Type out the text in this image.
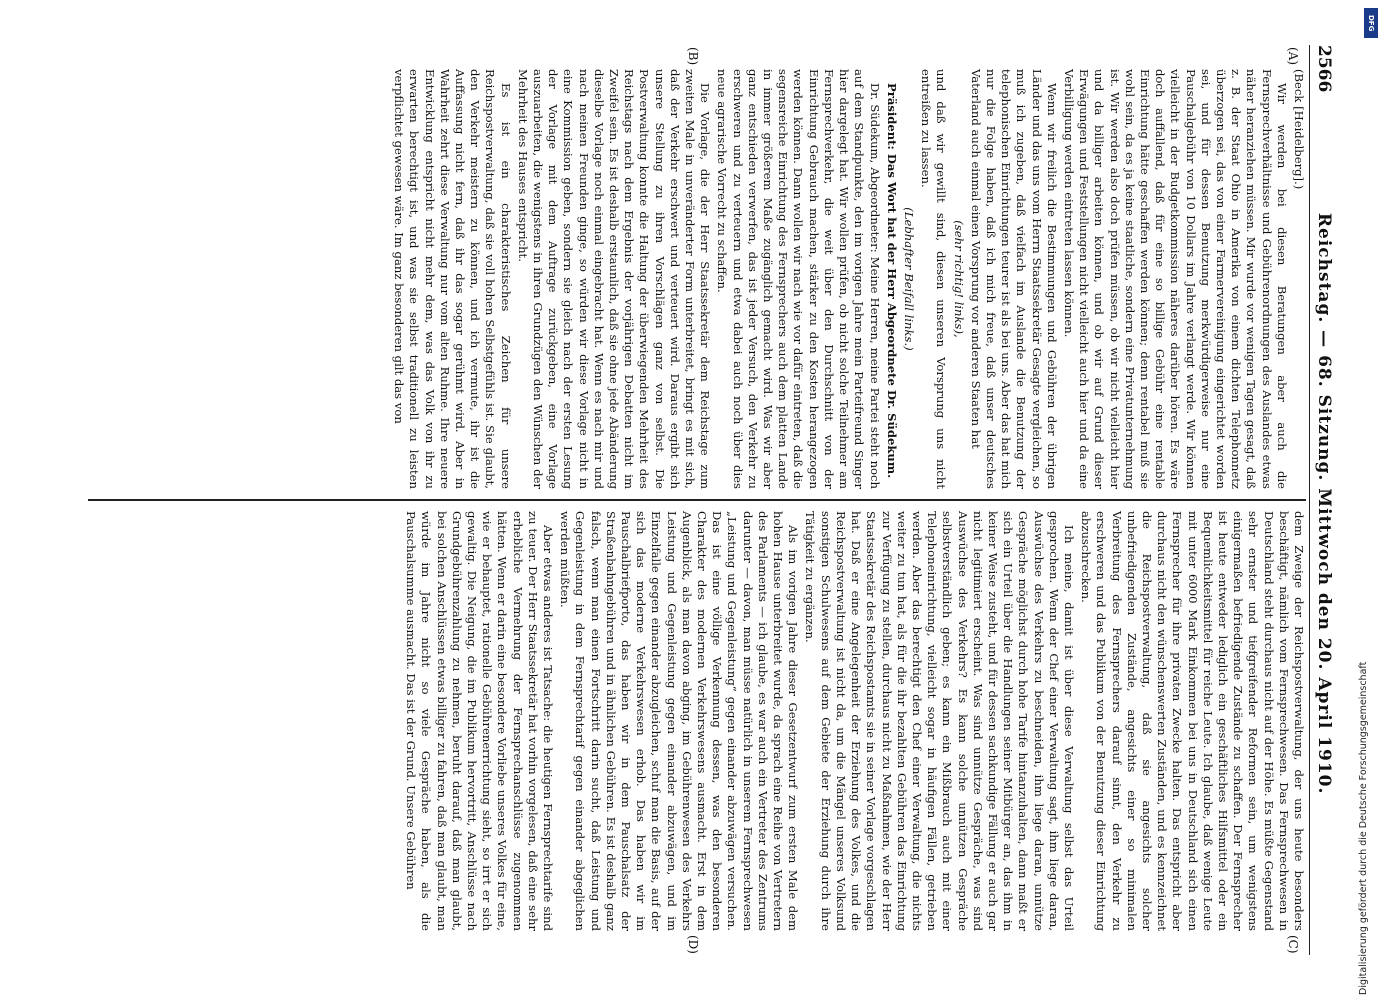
DFG
Digitalisierung gefördert durch die Deutsche Forschungsgemeinschaft
2566
Reichstag. — 68. Sitzung. Mittwoch den 20. April 1910.
(A)
(B)
(C)
(D)

(Beck [Heidelberg].)

Wir werden bei diesen Beratungen aber auch die Fernsprechverhältnisse und Gebührenordnungen des Auslandes etwas näher heranziehen müssen. Mir wurde vor wenigen Tagen gesagt, daß z. B. der Staat Ohio in Amerika von einem dichten Telephonnetz überzogen sei, das von einer Farmervereinigung eingerichtet worden sei, und für dessen Benutzung merkwürdigerweise nur eine Pauschalgebühr von 10 Dollars im Jahre verlangt werde. Wir können vielleicht in der Budgetkommission näheres darüber hören. Es wäre doch auffallend, daß für eine so billige Gebühr eine rentable Einrichtung hätte geschaffen werden können; denn rentabel muß sie wohl sein, da es ja keine staatliche, sondern eine Privatunternehmung ist. Wir werden also doch prüfen müssen, ob wir nicht vielleicht hier und da billiger arbeiten können, und ob wir auf Grund dieser Erwägungen und Feststellungen nicht vielleicht auch hier und da eine Verbilligung werden eintreten lassen können.

Wenn wir freilich die Bestimmungen und Gebühren der übrigen Länder und das uns vom Herrn Staatssekretär Gesagte vergleichen, so muß ich zugeben, daß vielfach im Auslande die Benutzung der telephonischen Einrichtungen teurer ist als bei uns. Aber das hat mich nur die Folge haben, daß ich mich freue, daß unser deutsches Vaterland auch einmal einen Vorsprung vor anderen Staaten hat

(sehr richtig! links),

und daß wir gewillt sind, diesen unseren Vorsprung uns nicht entreißen zu lassen.

(Lebhafter Beifall links.)

Präsident: Das Wort hat der Herr Abgeordnete Dr. Südekum.

Dr. Südekum, Abgeordneter: Meine Herren, meine Partei steht noch auf dem Standpunkte, den im vorigen Jahre mein Parteifreund Singer hier dargelegt hat. Wir wollen prüfen, ob nicht solche Teilnehmer am Fernsprechverkehr, die weit über den Durchschnitt von der Einrichtung Gebrauch machen, stärker zu den Kosten herangezogen werden können. Dann wollen wir nach wie vor dafür eintreten, daß die segensreiche Einrichtung des Fernsprechers auch dem platten Lande in immer größerem Maße zugänglich gemacht wird. Was wir aber ganz entschieden verwerfen, das ist jeder Versuch, den Verkehr zu erschweren und zu verteuern und etwa dabei auch noch über dies neue agrarische Vorrecht zu schaffen.

Die Vorlage, die der Herr Staatssekretär dem Reichstage zum zweiten Male in unveränderter Form unterbreitet, bringt es mit sich, daß der Verkehr erschwert und verteuert wird. Daraus ergibt sich unsere Stellung zu ihren Vorschlägen ganz von selbst. Die Postverwaltung konnte die Haltung der überwiegenden Mehrheit des Reichstags nach dem Ergebnis der vorjährigen Debatten nicht im Zweifel sein. Es ist deshalb erstaunlich, daß sie ohne jede Abänderung dieselbe Vorlage noch einmal eingebracht hat. Wenn es nach mir und nach meinen Freunden ginge, so würden wir diese Vorlage nicht in eine Kommission geben, sondern sie gleich nach der ersten Lesung der Vorlage mit dem Auftrage zurückgeben, eine Vorlage auszuarbeiten, die wenigstens in ihren Grundzügen den Wünschen der Mehrheit des Hauses entspricht.

Es ist ein charakteristisches Zeichen für unsere Reichspostverwaltung, daß sie voll hohen Selbstgefühls ist. Sie glaubt, den Verkehr meistern zu können, und ich vermute, ihr ist die Auffassung nicht fern, daß ihr das sogar gerühmt wird. Aber in Wahrheit zehrt diese Verwaltung nur vom alten Ruhme. Ihre neuere Entwicklung entspricht nicht mehr dem, was das Volk von ihr zu erwarten berechtigt ist, und was sie selbst traditionell zu leisten verpflichtet gewesen wäre. Im ganz besonderen gilt das von

dem Zweige der Reichspostverwaltung, der uns heute besonders beschäftigt, nämlich vom Fernsprechwesen. Das Fernsprechwesen in Deutschland steht durchaus nicht auf der Höhe. Es müßte Gegenstand sehr ernster und tiefgreifender Reformen sein, um wenigstens einigermaßen befriedigende Zustände zu schaffen. Der Fernsprecher ist heute entweder lediglich ein geschäftliches Hilfsmittel oder ein Bequemlichkeitsmittel für reiche Leute. Ich glaube, daß wenige Leute mit unter 6000 Mark Einkommen bei uns in Deutschland sich einen Fernsprecher für ihre privaten Zwecke halten. Das entspricht aber durchaus nicht den wünschenswerten Zuständen, und es kennzeichnet die Reichspostverwaltung, daß sie angesichts solcher unbefriedigenden Zustände, angesichts einer so minimalen Verbreitung des Fernsprechers darauf sinnt, den Verkehr zu erschweren und das Publikum von der Benutzung dieser Einrichtung abzuschrecken.

Ich meine, damit ist über diese Verwaltung selbst das Urteil gesprochen. Wenn der Chef einer Verwaltung sagt, ihm liege daran, Auswüchse des Verkehrs zu beschneiden, ihm liege daran, unnütze Gespräche möglichst durch hohe Tarife hintanzuhalten, dann maßt er sich ein Urteil über die Handlungen seiner Mitbürger an, das ihm in keiner Weise zusteht, und für dessen sachkundige Fällung er auch gar nicht legitimiert erscheint. Was sind unnütze Gespräche, was sind Auswüchse des Verkehrs? Es kann solche unnützen Gespräche selbstverständlich geben; es kann ein Mißbrauch auch mit einer Telephoneinrichtung, vielleicht sogar in häufigen Fällen, getrieben werden. Aber das berechtigt den Chef einer Verwaltung, die nichts weiter zu tun hat, als für die ihr bezahlten Gebühren das Einrichtung zur Verfügung zu stellen, durchaus nicht zu Maßnahmen, wie der Herr Staatssekretär des Reichspostamts sie in seiner Vorlage vorgeschlagen hat. Daß er eine Angelegenheit der Erziehung des Volkes, und die Reichspostverwaltung ist nicht da, um die Mängel unseres Volksund sonstigen Schulwesens auf dem Gebiete der Erziehung durch ihre Tätigkeit zu ergänzen.

Als im vorigen Jahre dieser Gesetzentwurf zum ersten Male dem hohen Hause unterbreitet wurde, da sprach eine Reihe von Vertretern des Parlaments — ich glaube, es war auch ein Vertreter des Zentrums darunter — davon, man müsse natürlich in unserem Fernsprechwesen „Leistung und Gegenleistung“ gegen einander abzuwägen versuchen. Das ist eine völlige Verkennung dessen, was den besonderen Charakter des modernen Verkehrswesens ausmacht. Erst in dem Augenblick, als man davon abging, im Gebührenwesen des Verkehrs Leistung und Gegenleistung gegen einander abzuwägen, und im Einzelfalle gegen einander abzugleichen, schuf man die Basis, auf der sich das moderne Verkehrswesen erhob. Das haben wir im Pauschalbriefporto, das haben wir in dem Pauschalsatz der Straßenbahngebühren und in ähnlichen Gebühren. Es ist deshalb ganz falsch, wenn man einen Fortschritt darin sucht, daß Leistung und Gegenleistung in dem Fernsprechtarif gegen einander abgeglichen werden müßten.

Aber etwas anderes ist Tatsache: die heutigen Fernsprechtarife sind zu teuer. Der Herr Staatssekretär hat vorhin vorgelesen, daß eine sehr erhebliche Vermehrung der Fernsprechanschlüsse zugenommen hätten. Wenn er darin eine besondere Vorliebe unseres Volkes für eine, wie er behauptet, rationelle Gebührenerrichtung sieht, so irrt er sich gewaltig. Die Neigung, die im Publikum hervortritt, Anschlüsse nach Grundgebührenzahlung zu nehmen, beruht darauf, daß man glaubt, bei solchen Anschlüssen etwas billiger zu fahren, daß man glaubt, man würde im Jahre nicht so viele Gespräche haben, als die Pauschalsumme ausmacht. Das ist der Grund. Unsere Gebühren
